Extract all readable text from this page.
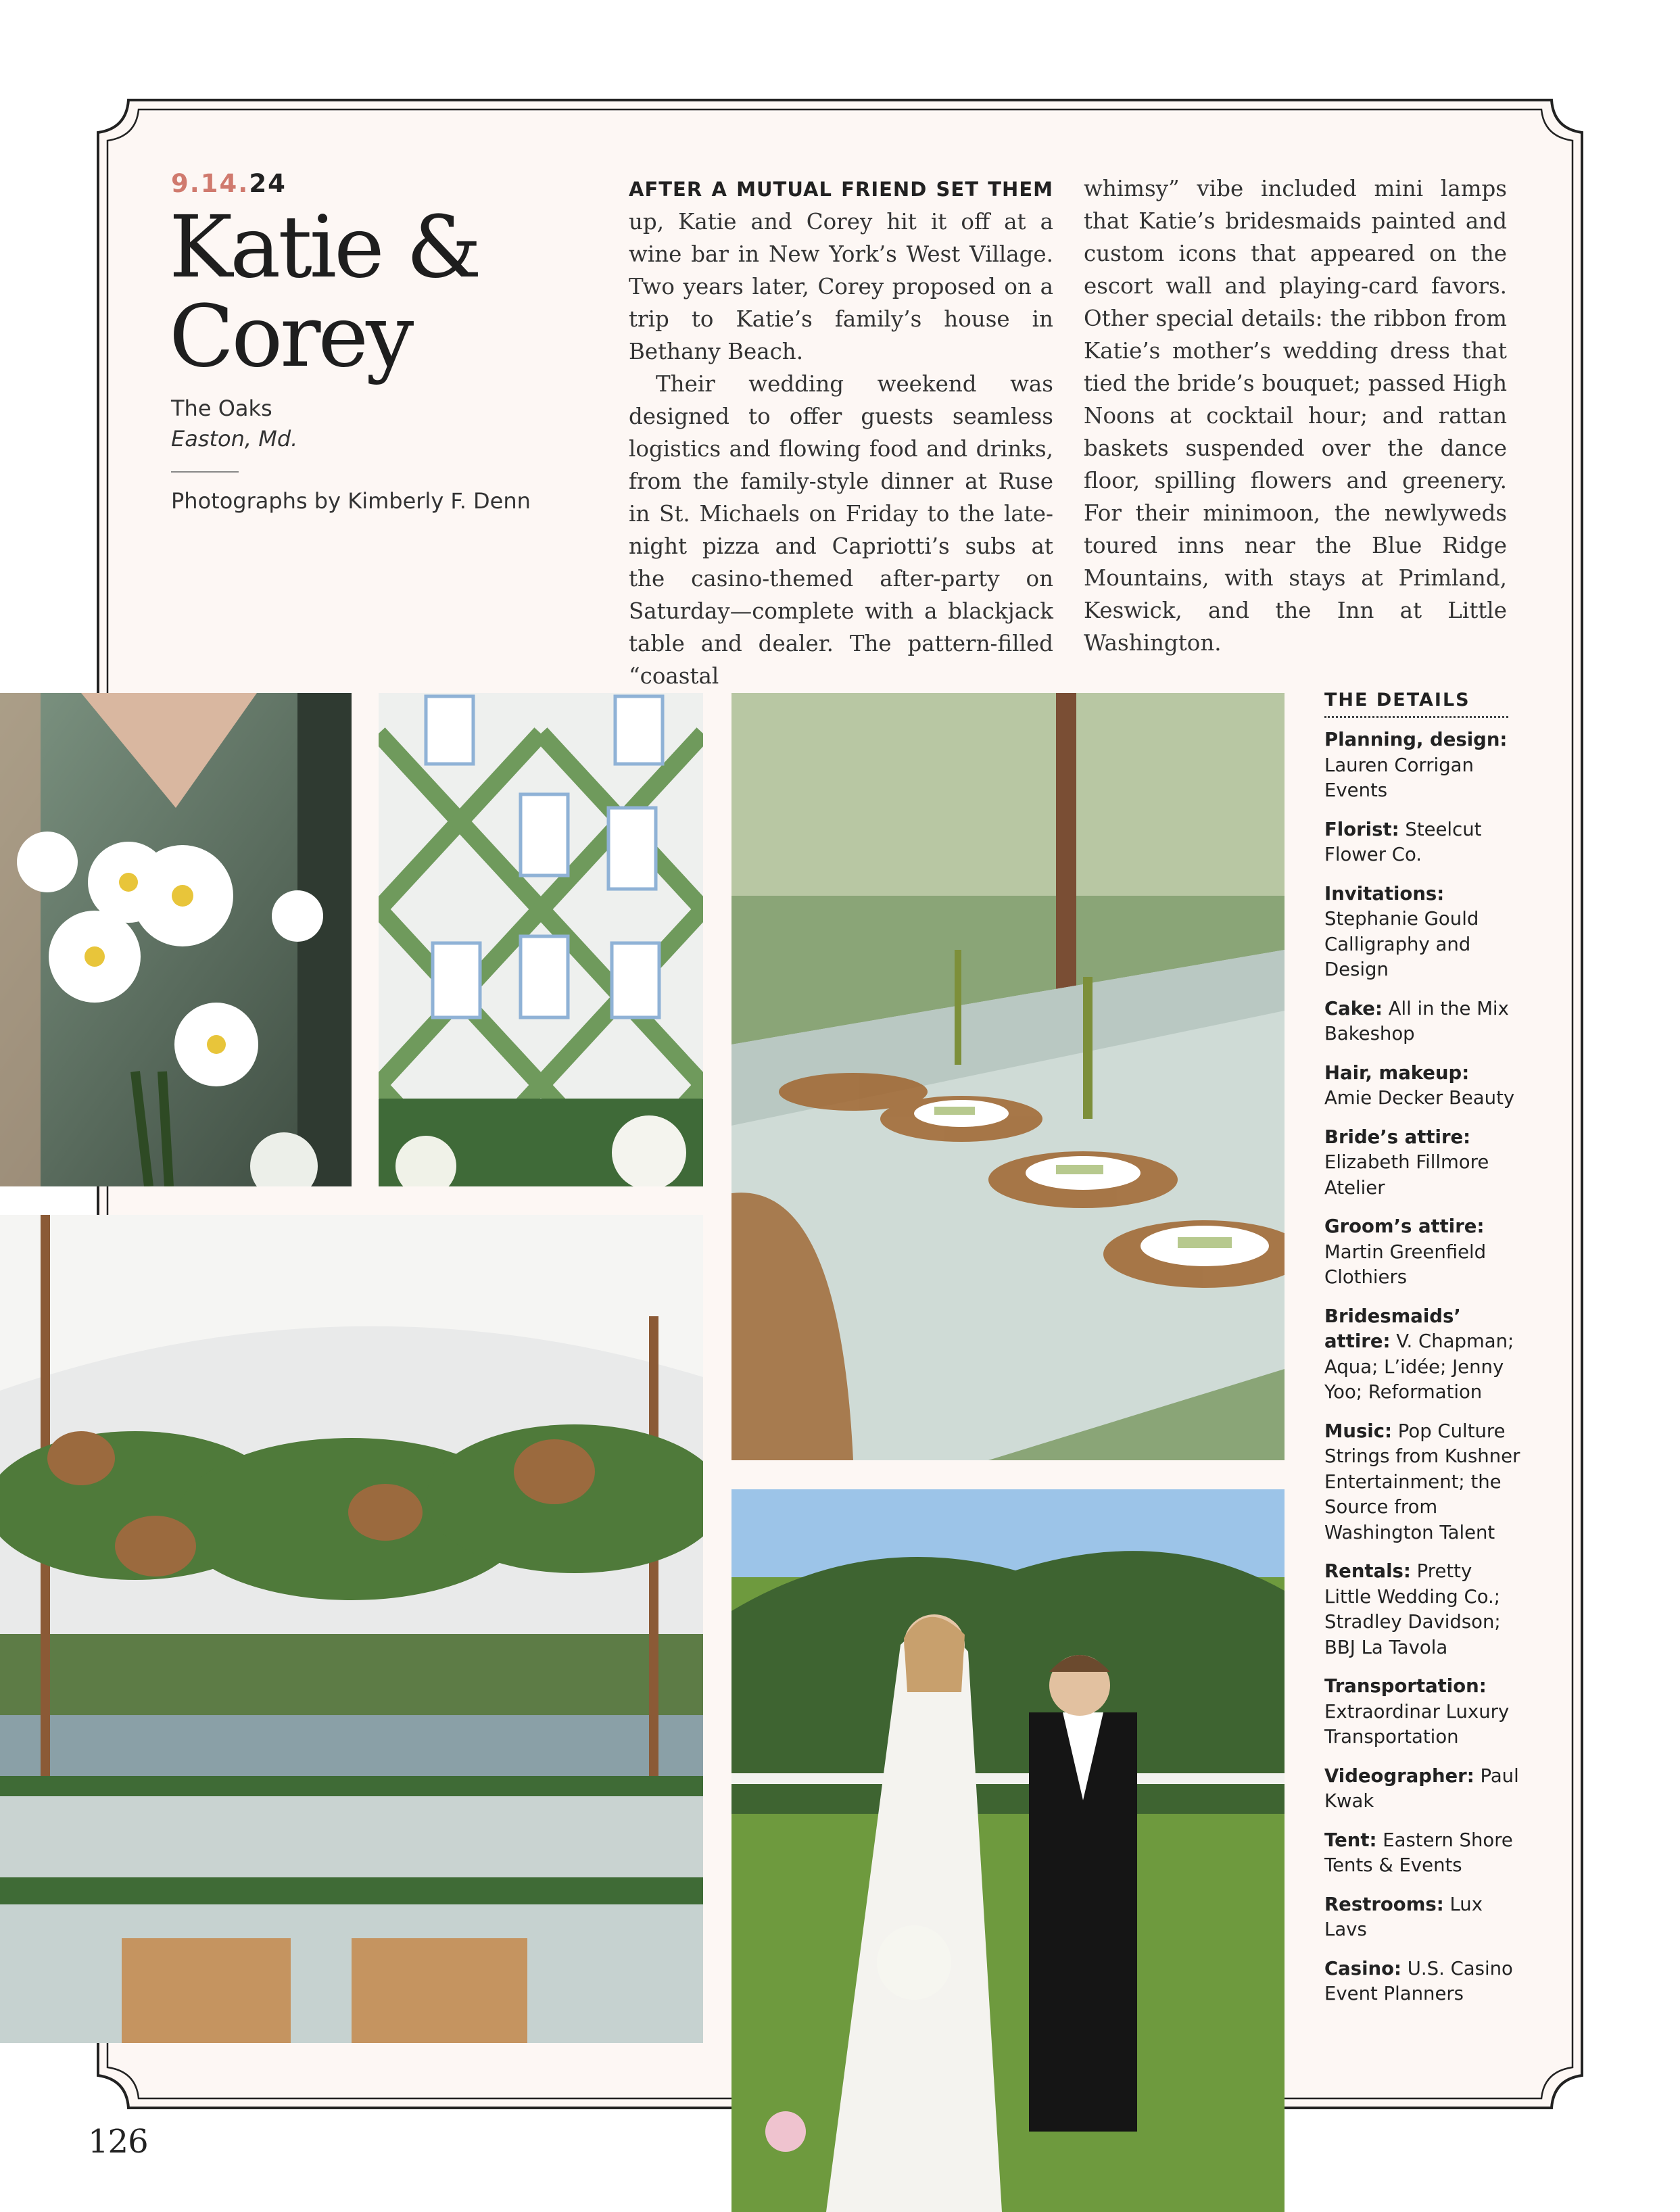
9.14.24
Katie &
Corey
The Oaks
Easton, Md.
Photographs by Kimberly F. Denn

AFTER A MUTUAL FRIEND SET THEM up, Katie and Corey hit it off at a wine bar in New York’s West Village. Two years later, Corey proposed on a trip to Katie’s family’s house in Bethany Beach.

Their wedding weekend was designed to offer guests seamless logistics and flowing food and drinks, from the family-style dinner at Ruse in St. Michaels on Friday to the late-night pizza and Capriotti’s subs at the casino-themed after-party on Saturday—complete with a blackjack table and dealer. The pattern-filled “coastal

whimsy” vibe included mini lamps that Katie’s bridesmaids painted and custom icons that appeared on the escort wall and playing-card favors. Other special details: the ribbon from Katie’s mother’s wedding dress that tied the bride’s bouquet; passed High Noons at cocktail hour; and rattan baskets suspended over the dance floor, spilling flowers and greenery. For their minimoon, the newlyweds toured inns near the Blue Ridge Mountains, with stays at Primland, Keswick, and the Inn at Little Washington.

THE DETAILS
Planning, design: Lauren Corrigan Events
Florist: Steelcut Flower Co.
Invitations: Stephanie Gould Calligraphy and Design
Cake: All in the Mix Bakeshop
Hair, makeup: Amie Decker Beauty
Bride’s attire: Elizabeth Fillmore Atelier
Groom’s attire: Martin Greenfield Clothiers
Bridesmaids’ attire: V. Chapman; Aqua; L’idée; Jenny Yoo; Reformation
Music: Pop Culture Strings from Kushner Entertainment; the Source from Washington Talent
Rentals: Pretty Little Wedding Co.; Stradley Davidson; BBJ La Tavola
Transportation: Extraordinar Luxury Transportation
Videographer: Paul Kwak
Tent: Eastern Shore Tents & Events
Restrooms: Lux Lavs
Casino: U.S. Casino Event Planners
126
